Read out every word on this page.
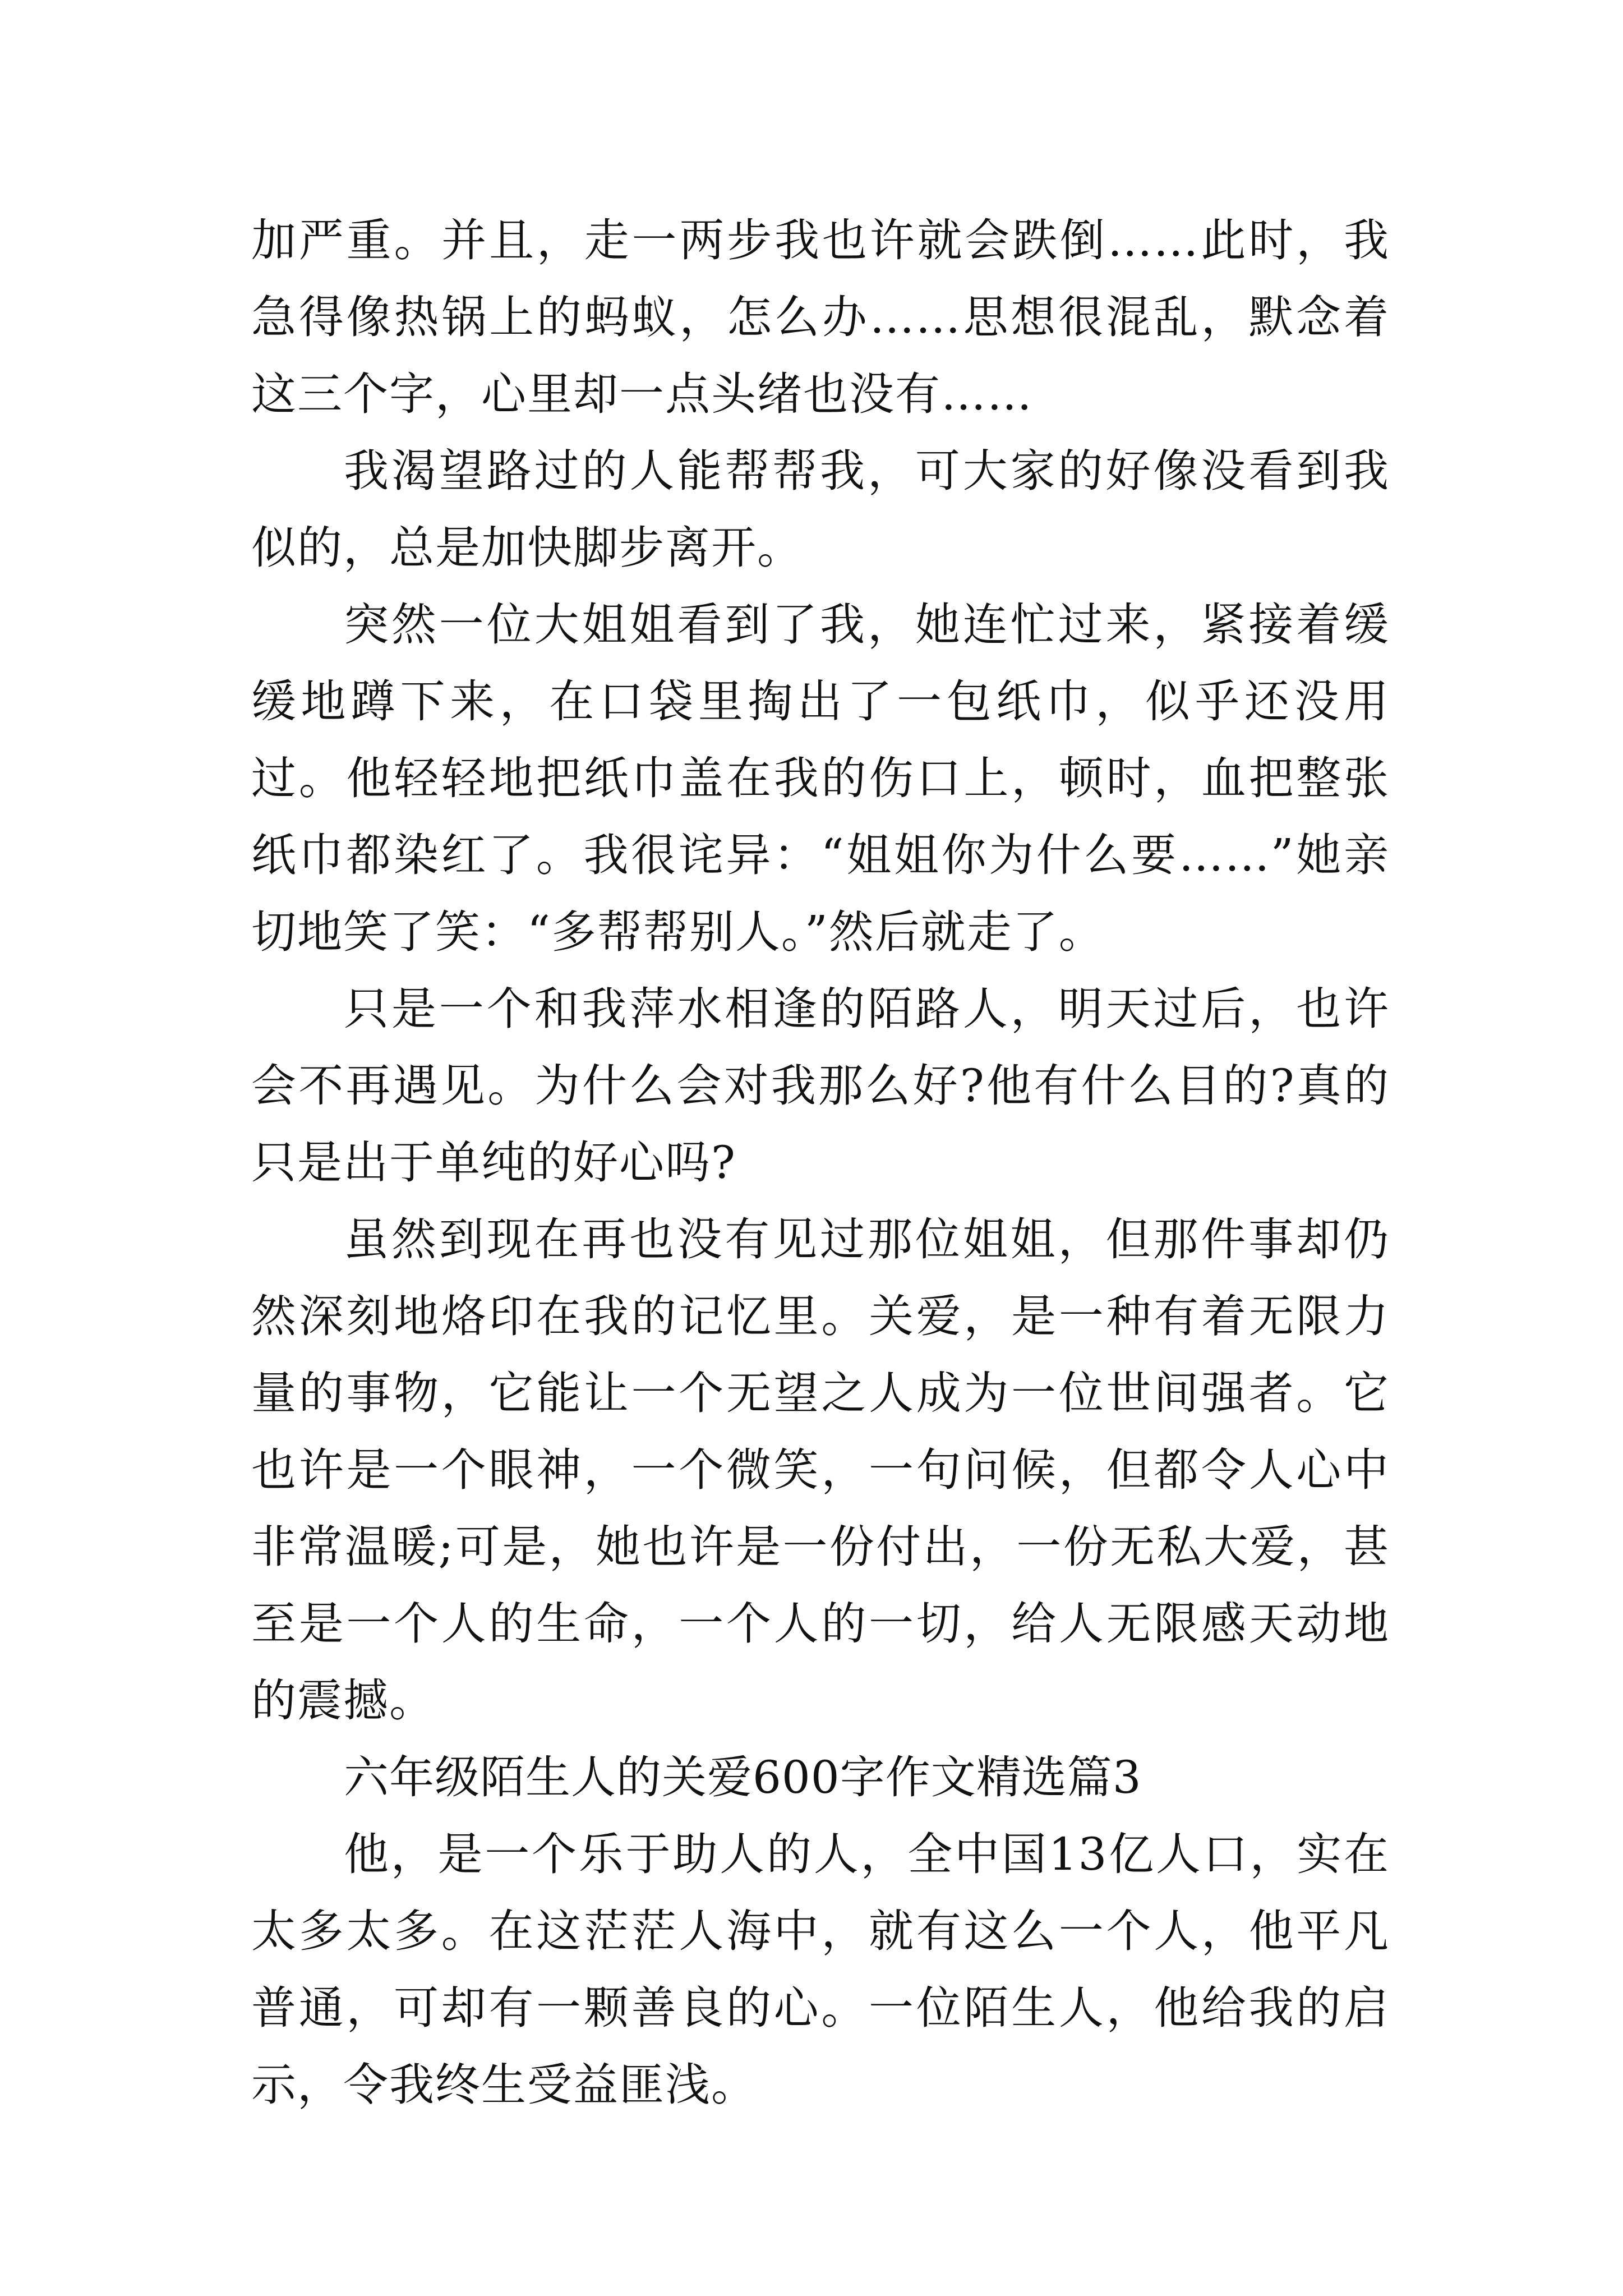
加严重。并且，走一两步我也许就会跌倒……此时，我急得像热锅上的蚂蚁，怎么办……思想很混乱，默念着这三个字，心里却一点头绪也没有……

我渴望路过的人能帮帮我，可大家的好像没看到我似的，总是加快脚步离开。

突然一位大姐姐看到了我，她连忙过来，紧接着缓缓地蹲下来，在口袋里掏出了一包纸巾，似乎还没用过。他轻轻地把纸巾盖在我的伤口上，顿时，血把整张纸巾都染红了。我很诧异：“姐姐你为什么要……”她亲切地笑了笑：“多帮帮别人。”然后就走了。

只是一个和我萍水相逢的陌路人，明天过后，也许会不再遇见。为什么会对我那么好?他有什么目的?真的只是出于单纯的好心吗?

虽然到现在再也没有见过那位姐姐，但那件事却仍然深刻地烙印在我的记忆里。关爱，是一种有着无限力量的事物，它能让一个无望之人成为一位世间强者。它也许是一个眼神，一个微笑，一句问候，但都令人心中非常温暖;可是，她也许是一份付出，一份无私大爱，甚至是一个人的生命，一个人的一切，给人无限感天动地的震撼。

六年级陌生人的关爱600字作文精选篇3

他，是一个乐于助人的人，全中国13亿人口，实在太多太多。在这茫茫人海中，就有这么一个人，他平凡普通，可却有一颗善良的心。一位陌生人，他给我的启示，令我终生受益匪浅。
